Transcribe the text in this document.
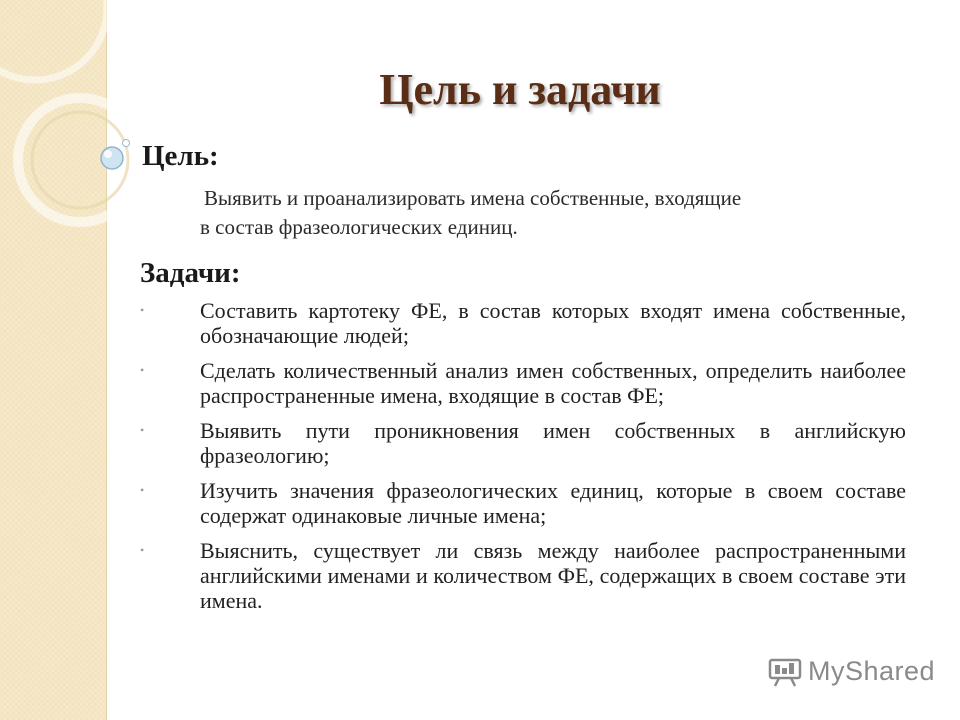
Цель и задачи
Цель:

Выявить и проанализировать имена собственные, входящие
в состав фразеологических единиц.

Задачи:
•	Составить картотеку ФЕ, в состав которых входят имена собственные, обозначающие людей;
•	Сделать количественный анализ имен собственных, определить наиболее распространенные имена, входящие в состав ФЕ;
•	Выявить пути проникновения имен собственных в английскую фразеологию;
•	Изучить значения фразеологических единиц, которые в своем составе содержат одинаковые личные имена;
•	Выяснить, существует ли связь между наиболее распространенными английскими именами и количеством ФЕ, содержащих в своем составе эти имена.
MyShared
